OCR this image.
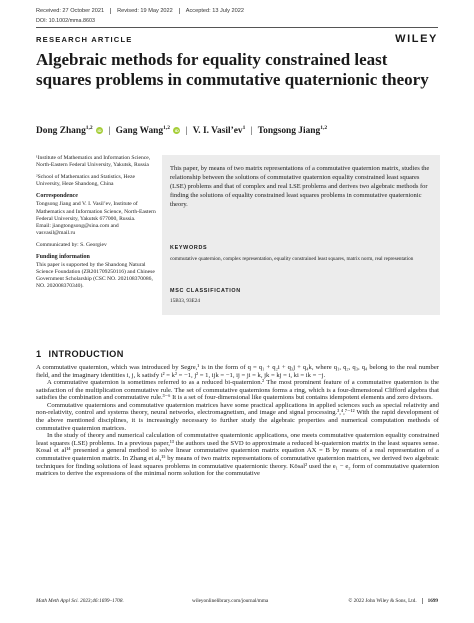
Received: 27 October 2021	Revised: 19 May 2022	Accepted: 13 July 2022
DOI: 10.1002/mma.8603
RESEARCH ARTICLE	WILEY
Algebraic methods for equality constrained least squares problems in commutative quaternionic theory
Dong Zhang$^{1,2}$ iD | Gang Wang$^{1,2}$ iD | V. I. $Vasil’ev^1$ | Tongsong Jiang$^{1,2}$

¹Institute of Mathematics and Information Science, North-Eastern Federal University, Yakutsk, Russia

²School of Mathematics and Statistics, Heze University, Heze Shandong, China

Correspondence

Tongsong Jiang and V. I. Vasil’ev, Institute of Mathematics and Information Science, North-Eastern Federal University, Yakutsk 677000, Russia.

Email: jiangtongsong@sina.com and vasvasil@mail.ru

Communicated by: S. Georgiev

Funding information

This paper is supported by the Shandong Natural Science Foundation (ZR201709250116) and Chinese Government Scholarship (CSC NO. 202108370086, NO. 202008370340).

This paper, by means of two matrix representations of a commutative quaternion matrix, studies the relationship between the solutions of commutative quaternion equality constrained least squares (LSE) problems and that of complex and real LSE problems and derives two algebraic methods for finding the solutions of equality constrained least squares problems in commutative quaternionic theory.

KEYWORDS
commutative quaternion, complex representation, equality constrained least squares, matrix norm, real representation
MSC CLASSIFICATION
15B33, 93E24
1 INTRODUCTION

A commutative quaternion, which was introduced by Segre,¹ is in the form of q = q₁ + q₂i + q₃j + q₄k, where q₁, q₂, q₃, q₄ belong to the real number field, and the imaginary identities i, j, k satisfy i² = k² = −1, j² = 1, ijk = −1, ij = ji = k, jk = kj = i, ki = ik = −j.

A commutative quaternion is sometimes referred to as a reduced bi-quaternion.² The most prominent feature of a commutative quaternion is the satisfaction of the multiplication commutative rule. The set of commutative quaternions forms a ring, which is a four-dimensional Clifford algebra that satisfies the combination and commutative rule.³⁻⁶ It is a set of four-dimensional like quaternions but contains idempotent elements and zero divisors.

Commutative quaternions and commutative quaternion matrices have some practical applications in applied sciences such as special relativity and non-relativity, control and systems theory, neural networks, electromagnetism, and image and signal processing.³,⁴,⁷⁻¹² With the rapid development of the above mentioned disciplines, it is increasingly necessary to further study the algebraic properties and numerical computation methods of commutative quaternion matrices.

In the study of theory and numerical calculation of commutative quaternionic applications, one meets commutative quaternion equality constrained least squares (LSE) problems. In a previous paper,¹³ the authors used the SVD to approximate a reduced bi-quaternion matrix in the least squares sense. Kosal et al¹⁴ presented a general method to solve linear commutative quaternion matrix equation AX = B by means of a real representation of a commutative quaternion matrix. In Zhang et al,¹⁵ by means of two matrix representations of commutative quaternion matrices, we derived two algebraic techniques for finding solutions of least squares problems in commutative quaternionic theory. Kösal² used the e₁ − e₂ form of commutative quaternion matrices to derive the expressions of the minimal norm solution for the commutative

Math Meth Appl Sci. 2023;46:1699–1708.	wileyonlinelibrary.com/journal/mma	© 2022 John Wiley & Sons, Ltd. 1699
